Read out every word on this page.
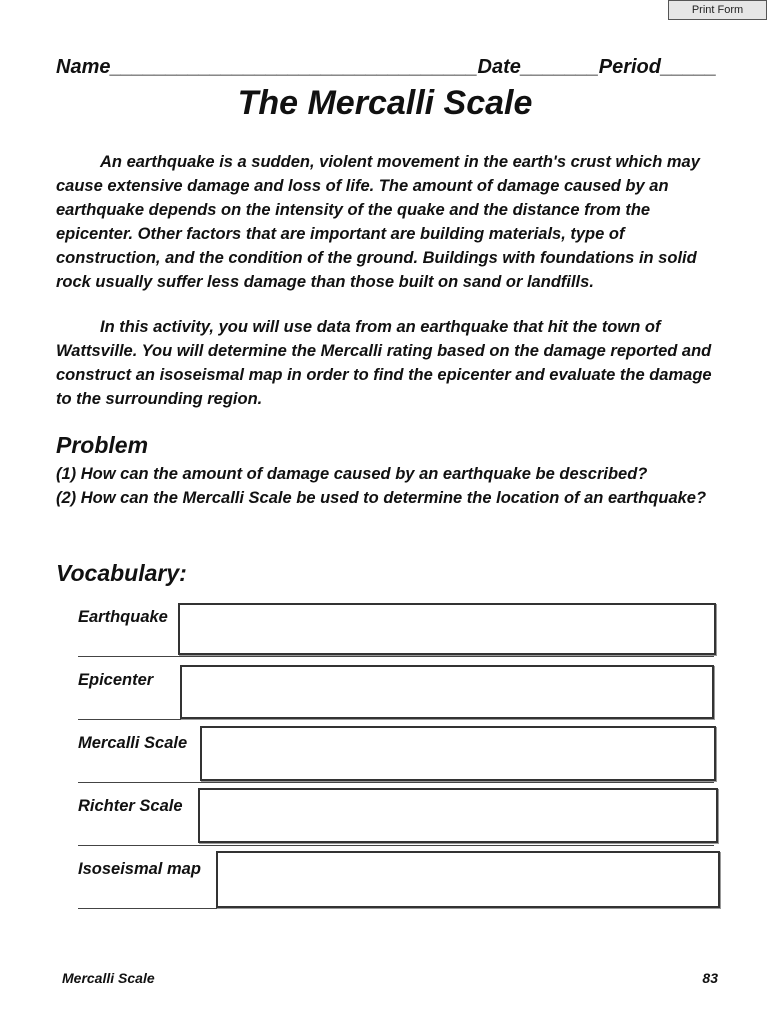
Print Form
Name_________________________________Date_______Period_____
The Mercalli Scale

An earthquake is a sudden, violent movement in the earth's crust which may cause extensive damage and loss of life. The amount of damage caused by an earthquake depends on the intensity of the quake and the distance from the epicenter. Other factors that are important are building materials, type of construction, and the condition of the ground. Buildings with foundations in solid rock usually suffer less damage than those built on sand or landfills.

In this activity, you will use data from an earthquake that hit the town of Wattsville. You will determine the Mercalli rating based on the damage reported and construct an isoseismal map in order to find the epicenter and evaluate the damage to the surrounding region.

Problem
(1) How can the amount of damage caused by an earthquake be described?
(2) How can the Mercalli Scale be used to determine the location of an earthquake?
Vocabulary:
Earthquake
Epicenter
Mercalli Scale
Richter Scale
Isoseismal map
Mercalli Scale	83
